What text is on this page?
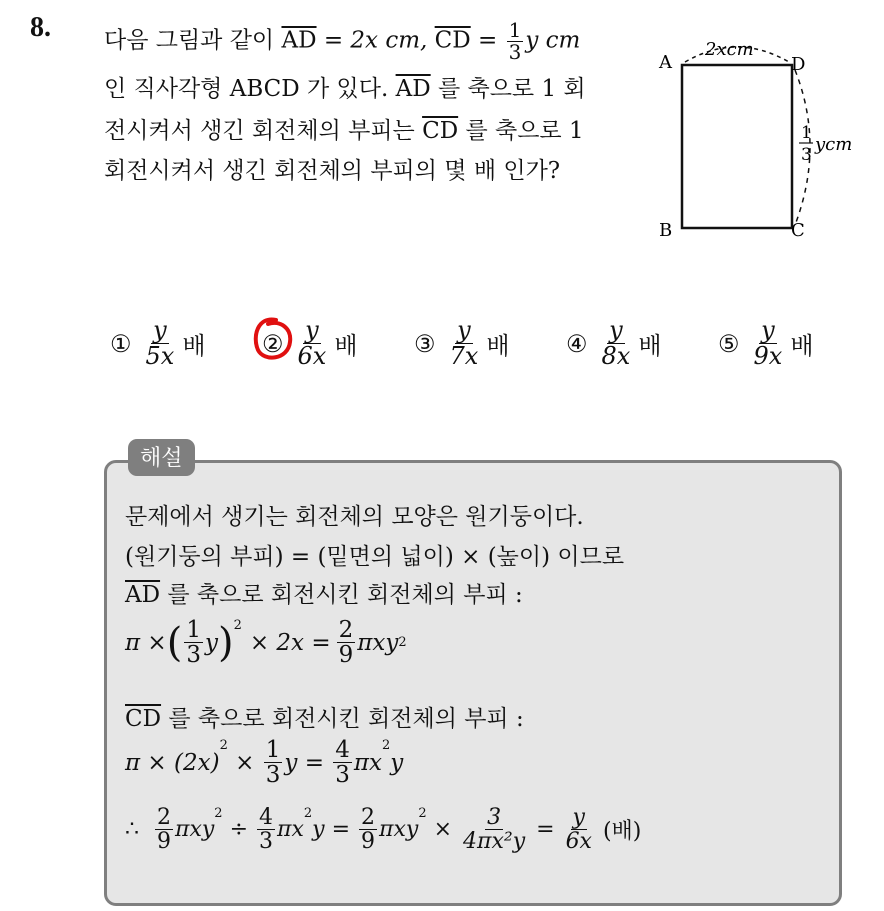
8. 다음 그림과 같이 $\overline{AD} = 2x$ cm, $\overline{CD} = \frac{1}{3}$ y cm
인 직사각형 ABCD 가 있다. $\overline{AD}$ 를 축으로 1 회
전시켜서 생긴 회전체의 부피는 $\overline{CD}$ 를 축으로 1
회전시켜서 생긴 회전체의 부피의 몇 배 인가?
A	D
B	C
2xcm
1
3 ycm
① $\frac{y}{5x}$ 배 ② $\frac{y}{6x}$ 배 ③ $\frac{y}{7x}$ 배 ④ $\frac{y}{8x}$ 배 ⑤ $\frac{y}{9x}$ 배
해설
문제에서 생기는 회전체의 모양은 원기둥이다.
(원기둥의 부피) = (밑면의 넓이) × (높이) 이므로
$\overline{AD}$ 를 축으로 회전시킨 회전체의 부피 :
π × ( $\frac{1}{3}$ y )$^2$
× $2x = \frac{2}{9}$ πxy 2
$\overline{CD}$ 를 축으로 회전시킨 회전체의 부피 :
π × (2x)
$^2$
× $\frac{1}{3}$ $y = \frac{4}{3}$ πx
$^2$
y
∴ $\frac{2}{9}$ πxy
$^2$
÷ $\frac{4}{3}$ πx
$^2$
$y = \frac{2}{9}$ πxy
$^2$
× $\frac{3}{\text{4πx²y}} = \frac{y}{6x}$ (배)
